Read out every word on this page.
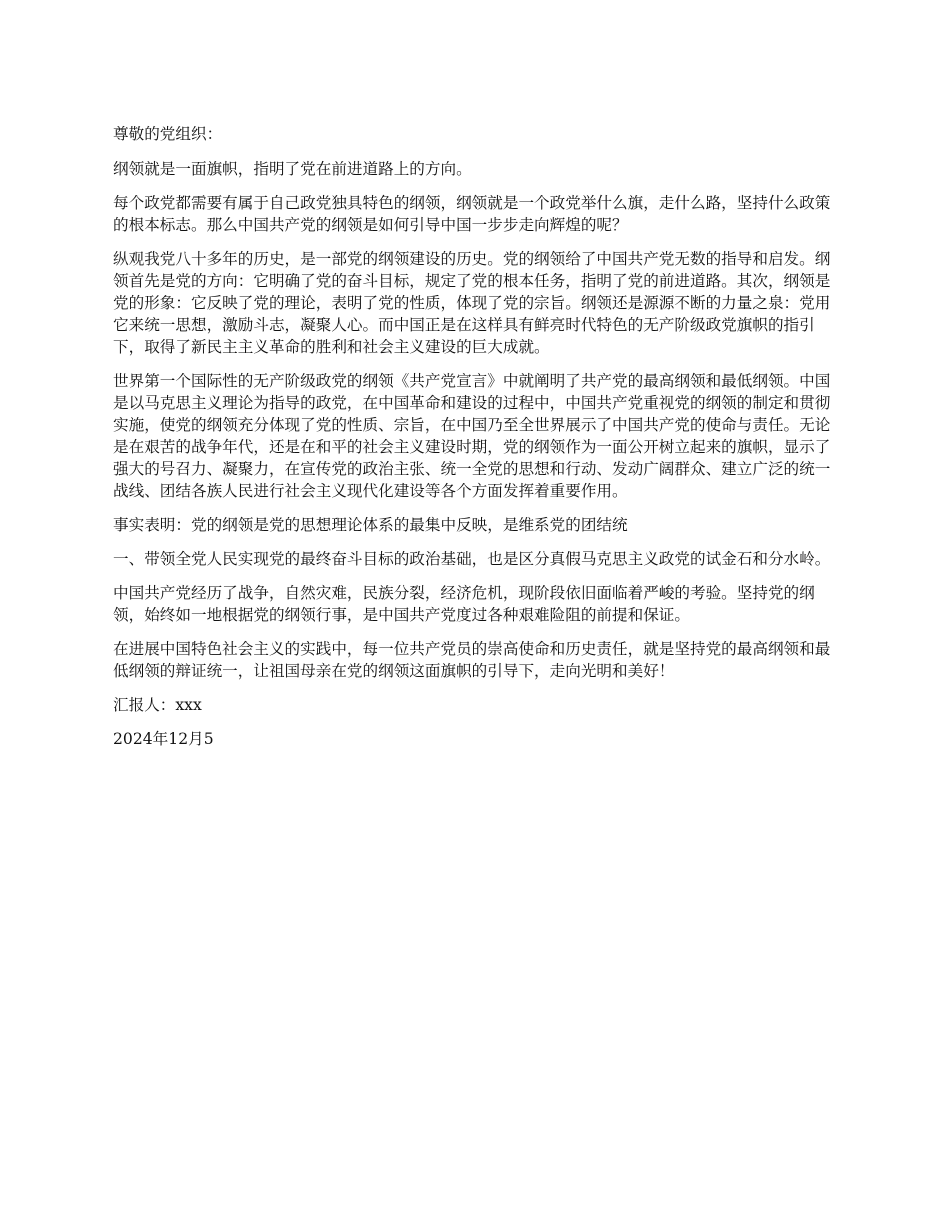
尊敬的党组织：

纲领就是一面旗帜，指明了党在前进道路上的方向。

每个政党都需要有属于自己政党独具特色的纲领，纲领就是一个政党举什么旗，走什么路，坚持什么政策的根本标志。那么中国共产党的纲领是如何引导中国一步步走向辉煌的呢？

纵观我党八十多年的历史，是一部党的纲领建设的历史。党的纲领给了中国共产党无数的指导和启发。纲领首先是党的方向：它明确了党的奋斗目标，规定了党的根本任务，指明了党的前进道路。其次，纲领是党的形象：它反映了党的理论，表明了党的性质，体现了党的宗旨。纲领还是源源不断的力量之泉：党用它来统一思想，激励斗志，凝聚人心。而中国正是在这样具有鲜亮时代特色的无产阶级政党旗帜的指引下，取得了新民主主义革命的胜利和社会主义建设的巨大成就。

世界第一个国际性的无产阶级政党的纲领《共产党宣言》中就阐明了共产党的最高纲领和最低纲领。中国是以马克思主义理论为指导的政党，在中国革命和建设的过程中，中国共产党重视党的纲领的制定和贯彻实施，使党的纲领充分体现了党的性质、宗旨，在中国乃至全世界展示了中国共产党的使命与责任。无论是在艰苦的战争年代，还是在和平的社会主义建设时期，党的纲领作为一面公开树立起来的旗帜，显示了强大的号召力、凝聚力，在宣传党的政治主张、统一全党的思想和行动、发动广阔群众、建立广泛的统一战线、团结各族人民进行社会主义现代化建设等各个方面发挥着重要作用。

事实表明：党的纲领是党的思想理论体系的最集中反映，是维系党的团结统

一、带领全党人民实现党的最终奋斗目标的政治基础，也是区分真假马克思主义政党的试金石和分水岭。

中国共产党经历了战争，自然灾难，民族分裂，经济危机，现阶段依旧面临着严峻的考验。坚持党的纲领，始终如一地根据党的纲领行事，是中国共产党度过各种艰难险阻的前提和保证。

在进展中国特色社会主义的实践中，每一位共产党员的崇高使命和历史责任，就是坚持党的最高纲领和最低纲领的辩证统一，让祖国母亲在党的纲领这面旗帜的引导下，走向光明和美好！

汇报人：xxx

2024年12月5
